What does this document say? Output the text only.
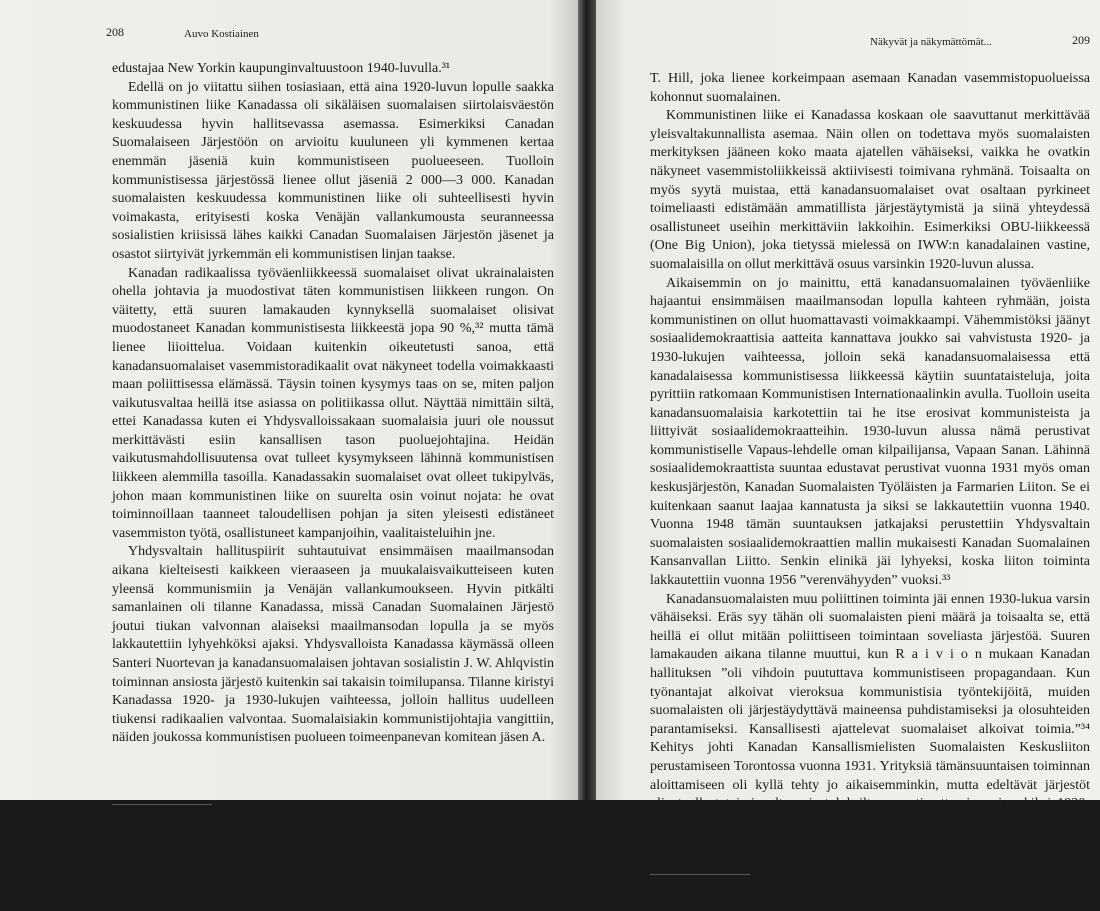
208	Auvo Kostiainen

edustajaa New Yorkin kaupunginvaltuustoon 1940-luvulla.³¹

Edellä on jo viitattu siihen tosiasiaan, että aina 1920-luvun lopulle saakka kommunistinen liike Kanadassa oli sikäläisen suomalaisen siirtolaisväestön keskuudessa hyvin hallitsevassa asemassa. Esimerkiksi Canadan Suomalaiseen Järjestöön on arvioitu kuuluneen yli kymmenen kertaa enemmän jäseniä kuin kommunistiseen puolueeseen. Tuolloin kommunistisessa järjestössä lienee ollut jäseniä 2 000—3 000. Kanadan suomalaisten keskuudessa kommunistinen liike oli suhteellisesti hyvin voimakasta, erityisesti koska Venäjän vallankumousta seuranneessa sosialistien kriisissä lähes kaikki Canadan Suomalaisen Järjestön jäsenet ja osastot siirtyivät jyrkemmän eli kommunistisen linjan taakse.

Kanadan radikaalissa työväenliikkeessä suomalaiset olivat ukrainalaisten ohella johtavia ja muodostivat täten kommunistisen liikkeen rungon. On väitetty, että suuren lamakauden kynnyksellä suomalaiset olisivat muodostaneet Kanadan kommunistisesta liikkeestä jopa 90 %,³² mutta tämä lienee liioittelua. Voidaan kuitenkin oikeutetusti sanoa, että kanadansuomalaiset vasemmistoradikaalit ovat näkyneet todella voimakkaasti maan poliittisessa elämässä. Täysin toinen kysymys taas on se, miten paljon vaikutusvaltaa heillä itse asiassa on politiikassa ollut. Näyttää nimittäin siltä, ettei Kanadassa kuten ei Yhdysvalloissakaan suomalaisia juuri ole noussut merkittävästi esiin kansallisen tason puoluejohtajina. Heidän vaikutusmahdollisuutensa ovat tulleet kysymykseen lähinnä kommunistisen liikkeen alemmilla tasoilla. Kanadassakin suomalaiset ovat olleet tukipylväs, johon maan kommunistinen liike on suurelta osin voinut nojata: he ovat toiminnoillaan taanneet taloudellisen pohjan ja siten yleisesti edistäneet vasemmiston työtä, osallistuneet kampanjoihin, vaalitaisteluihin jne.

Yhdysvaltain hallituspiirit suhtautuivat ensimmäisen maailmansodan aikana kielteisesti kaikkeen vieraaseen ja muukalaisvaikutteiseen kuten yleensä kommunismiin ja Venäjän vallankumoukseen. Hyvin pitkälti samanlainen oli tilanne Kanadassa, missä Canadan Suomalainen Järjestö joutui tiukan valvonnan alaiseksi maailmansodan lopulla ja se myös lakkautettiin lyhyehköksi ajaksi. Yhdysvalloista Kanadassa käymässä olleen Santeri Nuortevan ja kanadansuomalaisen johtavan sosialistin J. W. Ahlqvistin toiminnan ansiosta järjestö kuitenkin sai takaisin toimilupansa. Tilanne kiristyi Kanadassa 1920- ja 1930-lukujen vaihteessa, jolloin hallitus uudelleen tiukensi radikaalien valvontaa. Suomalaisiakin kommunistijohtajia vangittiin, näiden joukossa kommunistisen puolueen toimeenpanevan komitean jäsen A.

³¹ Ks. David C a u t e, The Fellow Travellers. A Postscript to the Enlightenment (Birkenhead 1973), s. 304.

³² R a i v i o, Historia I, s. 416. Kanadansuomalaisen työväenliikkeen historiaa R a i v i o käsittelee teoksensa s. 369—493 usein tendenssipitoisesti. Vrt. kanadansuomalaisen vasemmistoradikalismin historiasta esim. P i l l i, s. 141—142; Canadan Suomalainen Järjestö 25 Vuotta.

Näkyvät ja näkymättömät...	209

T. Hill, joka lienee korkeimpaan asemaan Kanadan vasemmistopuolueissa kohonnut suomalainen.

Kommunistinen liike ei Kanadassa koskaan ole saavuttanut merkittävää yleisvaltakunnallista asemaa. Näin ollen on todettava myös suomalaisten merkityksen jääneen koko maata ajatellen vähäiseksi, vaikka he ovatkin näkyneet vasemmistoliikkeissä aktiivisesti toimivana ryhmänä. Toisaalta on myös syytä muistaa, että kanadansuomalaiset ovat osaltaan pyrkineet toimeliaasti edistämään ammatillista järjestäytymistä ja siinä yhteydessä osallistuneet useihin merkittäviin lakkoihin. Esimerkiksi OBU-liikkeessä (One Big Union), joka tietyssä mielessä on IWW:n kanadalainen vastine, suomalaisilla on ollut merkittävä osuus varsinkin 1920-luvun alussa.

Aikaisemmin on jo mainittu, että kanadansuomalainen työväenliike hajaantui ensimmäisen maailmansodan lopulla kahteen ryhmään, joista kommunistinen on ollut huomattavasti voimakkaampi. Vähemmistöksi jäänyt sosiaalidemokraattisia aatteita kannattava joukko sai vahvistusta 1920- ja 1930-lukujen vaihteessa, jolloin sekä kanadansuomalaisessa että kanadalaisessa kommunistisessa liikkeessä käytiin suuntataisteluja, joita pyrittiin ratkomaan Kommunistisen Internationaalinkin avulla. Tuolloin useita kanadansuomalaisia karkotettiin tai he itse erosivat kommunisteista ja liittyivät sosiaalidemokraatteihin. 1930-luvun alussa nämä perustivat kommunistiselle Vapaus-lehdelle oman kilpailijansa, Vapaan Sanan. Lähinnä sosiaalidemokraattista suuntaa edustavat perustivat vuonna 1931 myös oman keskusjärjestön, Kanadan Suomalaisten Työläisten ja Farmarien Liiton. Se ei kuitenkaan saanut laajaa kannatusta ja siksi se lakkautettiin vuonna 1940. Vuonna 1948 tämän suuntauksen jatkajaksi perustettiin Yhdysvaltain suomalaisten sosiaalidemokraattien mallin mukaisesti Kanadan Suomalainen Kansanvallan Liitto. Senkin elinikä jäi lyhyeksi, koska liiton toiminta lakkautettiin vuonna 1956 ”verenvähyyden” vuoksi.³³

Kanadansuomalaisten muu poliittinen toiminta jäi ennen 1930-lukua varsin vähäiseksi. Eräs syy tähän oli suomalaisten pieni määrä ja toisaalta se, että heillä ei ollut mitään poliittiseen toimintaan soveliasta järjestöä. Suuren lamakauden aikana tilanne muuttui, kun R a i v i o n mukaan Kanadan hallituksen ”oli vihdoin puututtava kommunistiseen propagandaan. Kun työnantajat alkoivat vieroksua kommunistisia työntekijöitä, muiden suomalaisten oli järjestäydyttävä maineensa puhdistamiseksi ja olosuhteiden parantamiseksi. Kansallisesti ajattelevat suomalaiset alkoivat toimia.”³⁴ Kehitys johti Kanadan Kansallismielisten Suomalaisten Keskusliiton perustamiseen Torontossa vuonna 1931. Yrityksiä tämänsuuntaisen toiminnan aloittamiseen oli kyllä tehty jo aikaisemminkin, mutta edeltävät järjestöt olivat olleet toiminnaltaan ja tuloksiltaan vaatimattomia: esimerkiksi 1920-luvun lopulla

³³ R a i v i o, Historia II, s. 360—363.

³⁴ R a i v i o, Historia II, s. 50.
